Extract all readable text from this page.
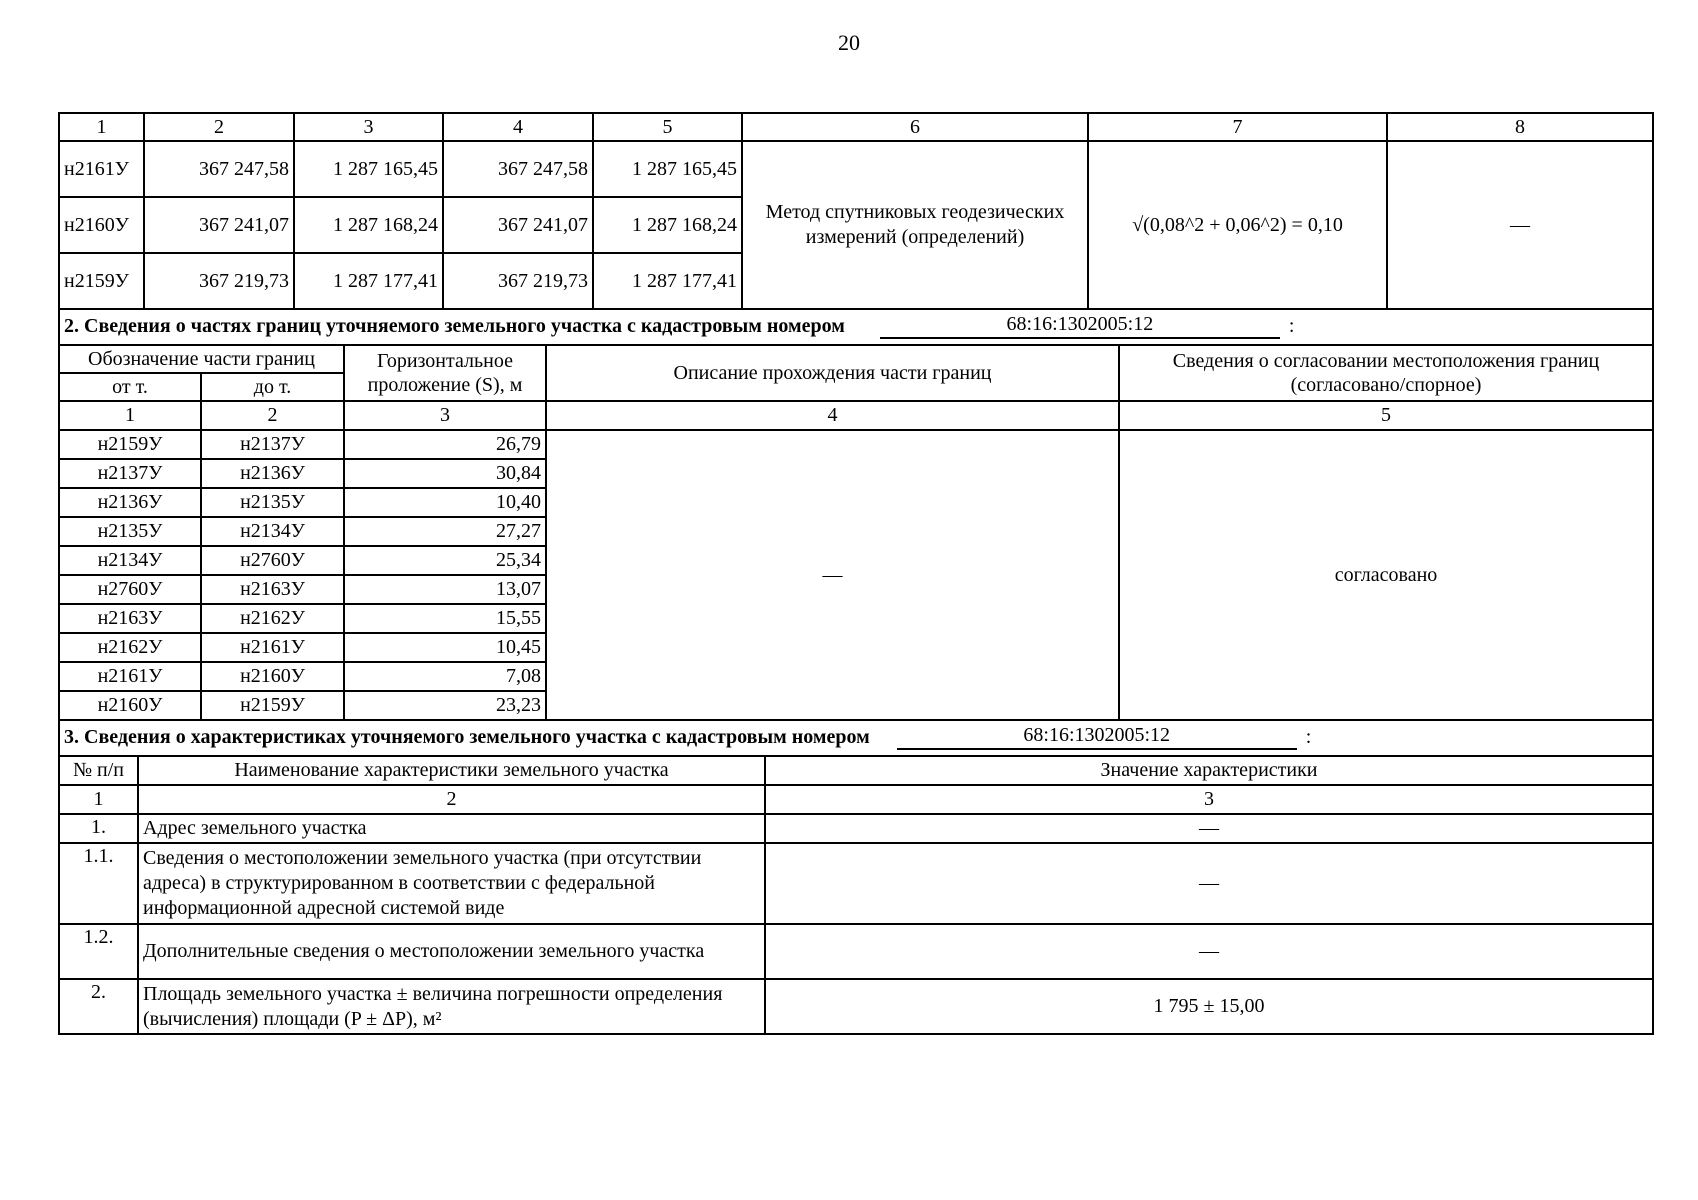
20
1	2	3	4	5	6	7	8
н2161У	367 247,58	1 287 165,45	367 247,58	1 287 165,45	Метод спутниковых геодезических измерений (определений)	√(0,08^2 + 0,06^2) = 0,10	—
н2160У	367 241,07	1 287 168,24	367 241,07	1 287 168,24			
н2159У	367 219,73	1 287 177,41	367 219,73	1 287 177,41			
2. Сведения о частях границ уточняемого земельного участка с кадастровым номером 68:16:1302005:12 :							
Обозначение части границ		Горизонтальное проложение (S), м	Описание прохождения части границ	Сведения о согласовании местоположения границ (согласовано/спорное)
от т.	до т.			
1	2	3	4	5
н2159У	н2137У	26,79	—	согласовано
н2137У	н2136У	30,84		
н2136У	н2135У	10,40		
н2135У	н2134У	27,27		
н2134У	н2760У	25,34		
н2760У	н2163У	13,07		
н2163У	н2162У	15,55		
н2162У	н2161У	10,45		
н2161У	н2160У	7,08		
н2160У	н2159У	23,23		
3. Сведения о характеристиках уточняемого земельного участка с кадастровым номером 68:16:1302005:12 :				
№ п/п	Наименование характеристики земельного участка	Значение характеристики
1	2	3
1.	Адрес земельного участка	—
1.1.	Сведения о местоположении земельного участка (при отсутствии адреса) в структурированном в соответствии с федеральной информационной адресной системой виде	—
1.2.	Дополнительные сведения о местоположении земельного участка	—
2.	Площадь земельного участка ± величина погрешности определения (вычисления) площади (P ± ΔP), м²	1 795 ± 15,00
